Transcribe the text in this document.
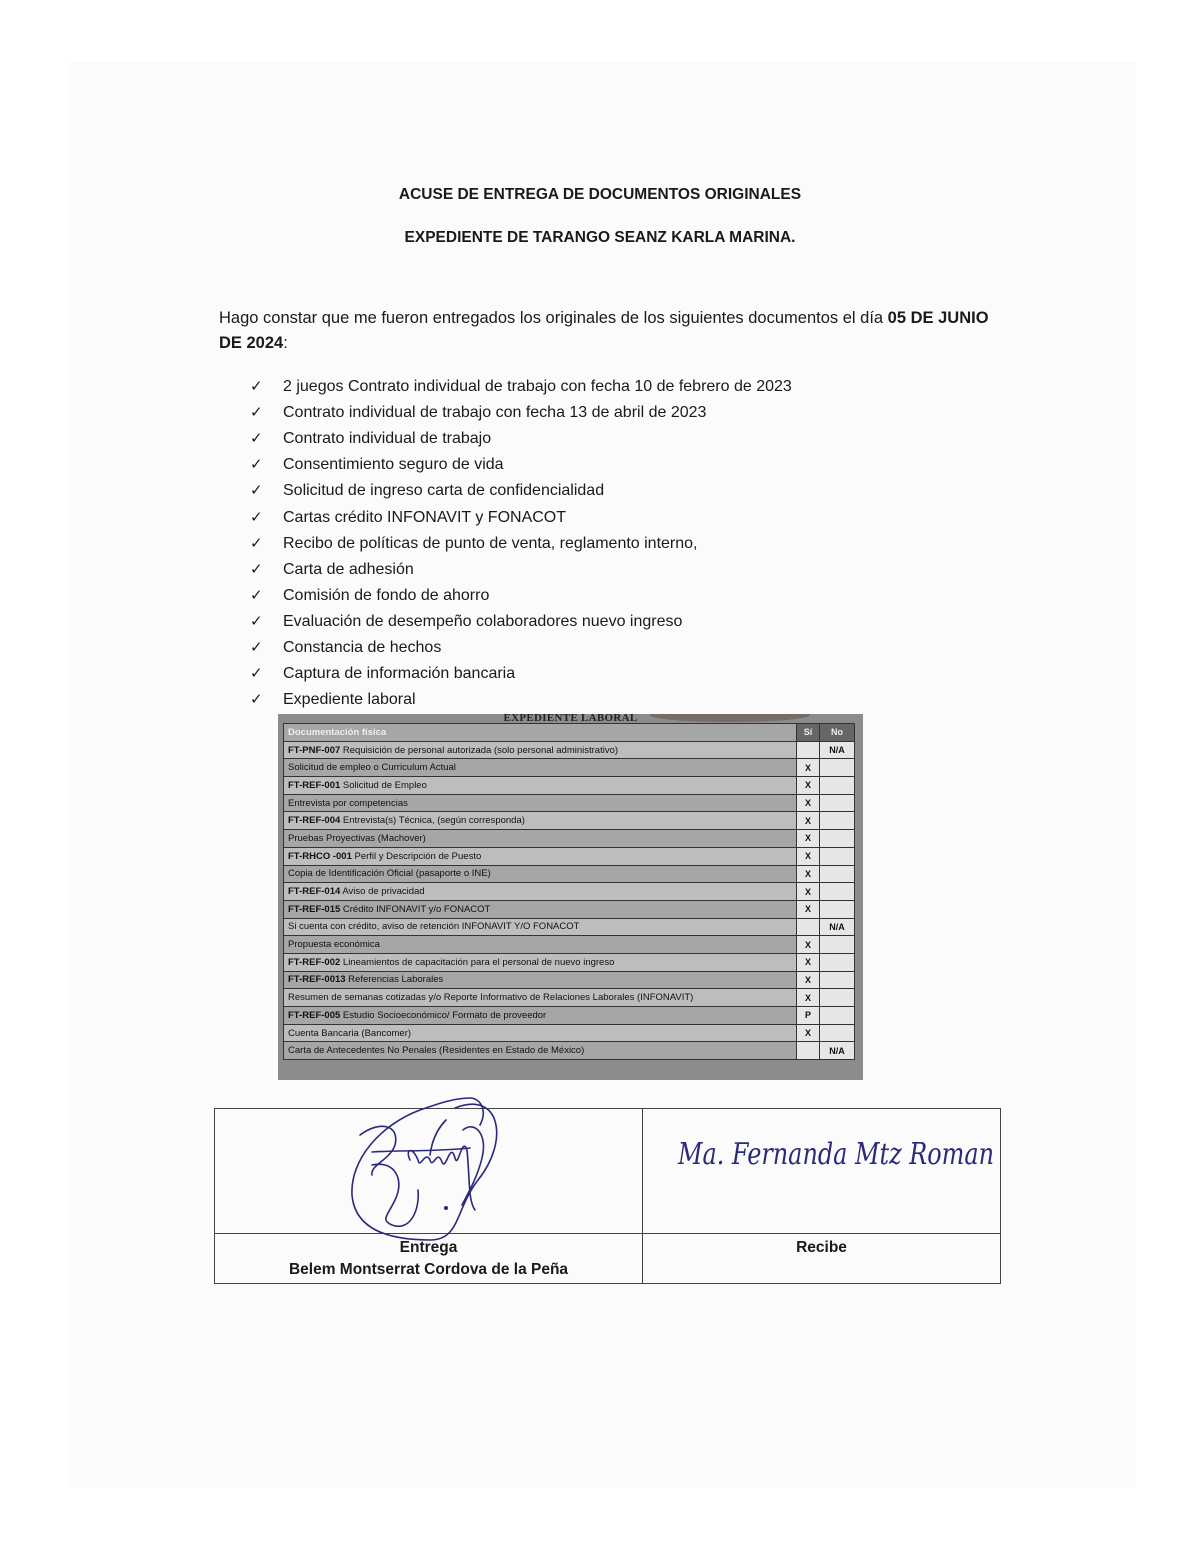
ACUSE DE ENTREGA DE DOCUMENTOS ORIGINALES
EXPEDIENTE DE TARANGO SEANZ KARLA MARINA.
Hago constar que me fueron entregados los originales de los siguientes documentos el día 05 DE JUNIO DE 2024:
✓	2 juegos Contrato individual de trabajo con fecha 10 de febrero de 2023
✓	Contrato individual de trabajo con fecha 13 de abril de 2023
✓	Contrato individual de trabajo
✓	Consentimiento seguro de vida
✓	Solicitud de ingreso carta de confidencialidad
✓	Cartas crédito INFONAVIT y FONACOT
✓	Recibo de políticas de punto de venta, reglamento interno,
✓	Carta de adhesión
✓	Comisión de fondo de ahorro
✓	Evaluación de desempeño colaboradores nuevo ingreso
✓	Constancia de hechos
✓	Captura de información bancaria
✓	Expediente laboral
EXPEDIENTE LABORAL
Documentación física	Sí	No
FT-PNF-007 Requisición de personal autorizada (solo personal administrativo)		N/A
Solicitud de empleo o Curriculum Actual	X	
FT-REF-001 Solicitud de Empleo	X	
Entrevista por competencias	X	
FT-REF-004 Entrevista(s) Técnica, (según corresponda)	X	
Pruebas Proyectivas (Machover)	X	
FT-RHCO -001 Perfil y Descripción de Puesto	X	
Copia de Identificación Oficial (pasaporte o INE)	X	
FT-REF-014 Aviso de privacidad	X	
FT-REF-015 Crédito INFONAVIT y/o FONACOT	X	
Si cuenta con crédito, aviso de retención INFONAVIT Y/O FONACOT		N/A
Propuesta económica	X	
FT-REF-002 Lineamientos de capacitación para el personal de nuevo ingreso	X	
FT-REF-0013 Referencias Laborales	X	
Resumen de semanas cotizadas y/o Reporte Informativo de Relaciones Laborales (INFONAVIT)	X	
FT-REF-005 Estudio Socioeconómico/ Formato de proveedor	P	
Cuenta Bancaria (Bancomer)	X	
Carta de Antecedentes No Penales (Residentes en Estado de México)		N/A
Entrega
Belem Montserrat Cordova de la Peña
Recibe
Ma. Fernanda Mtz Roman
